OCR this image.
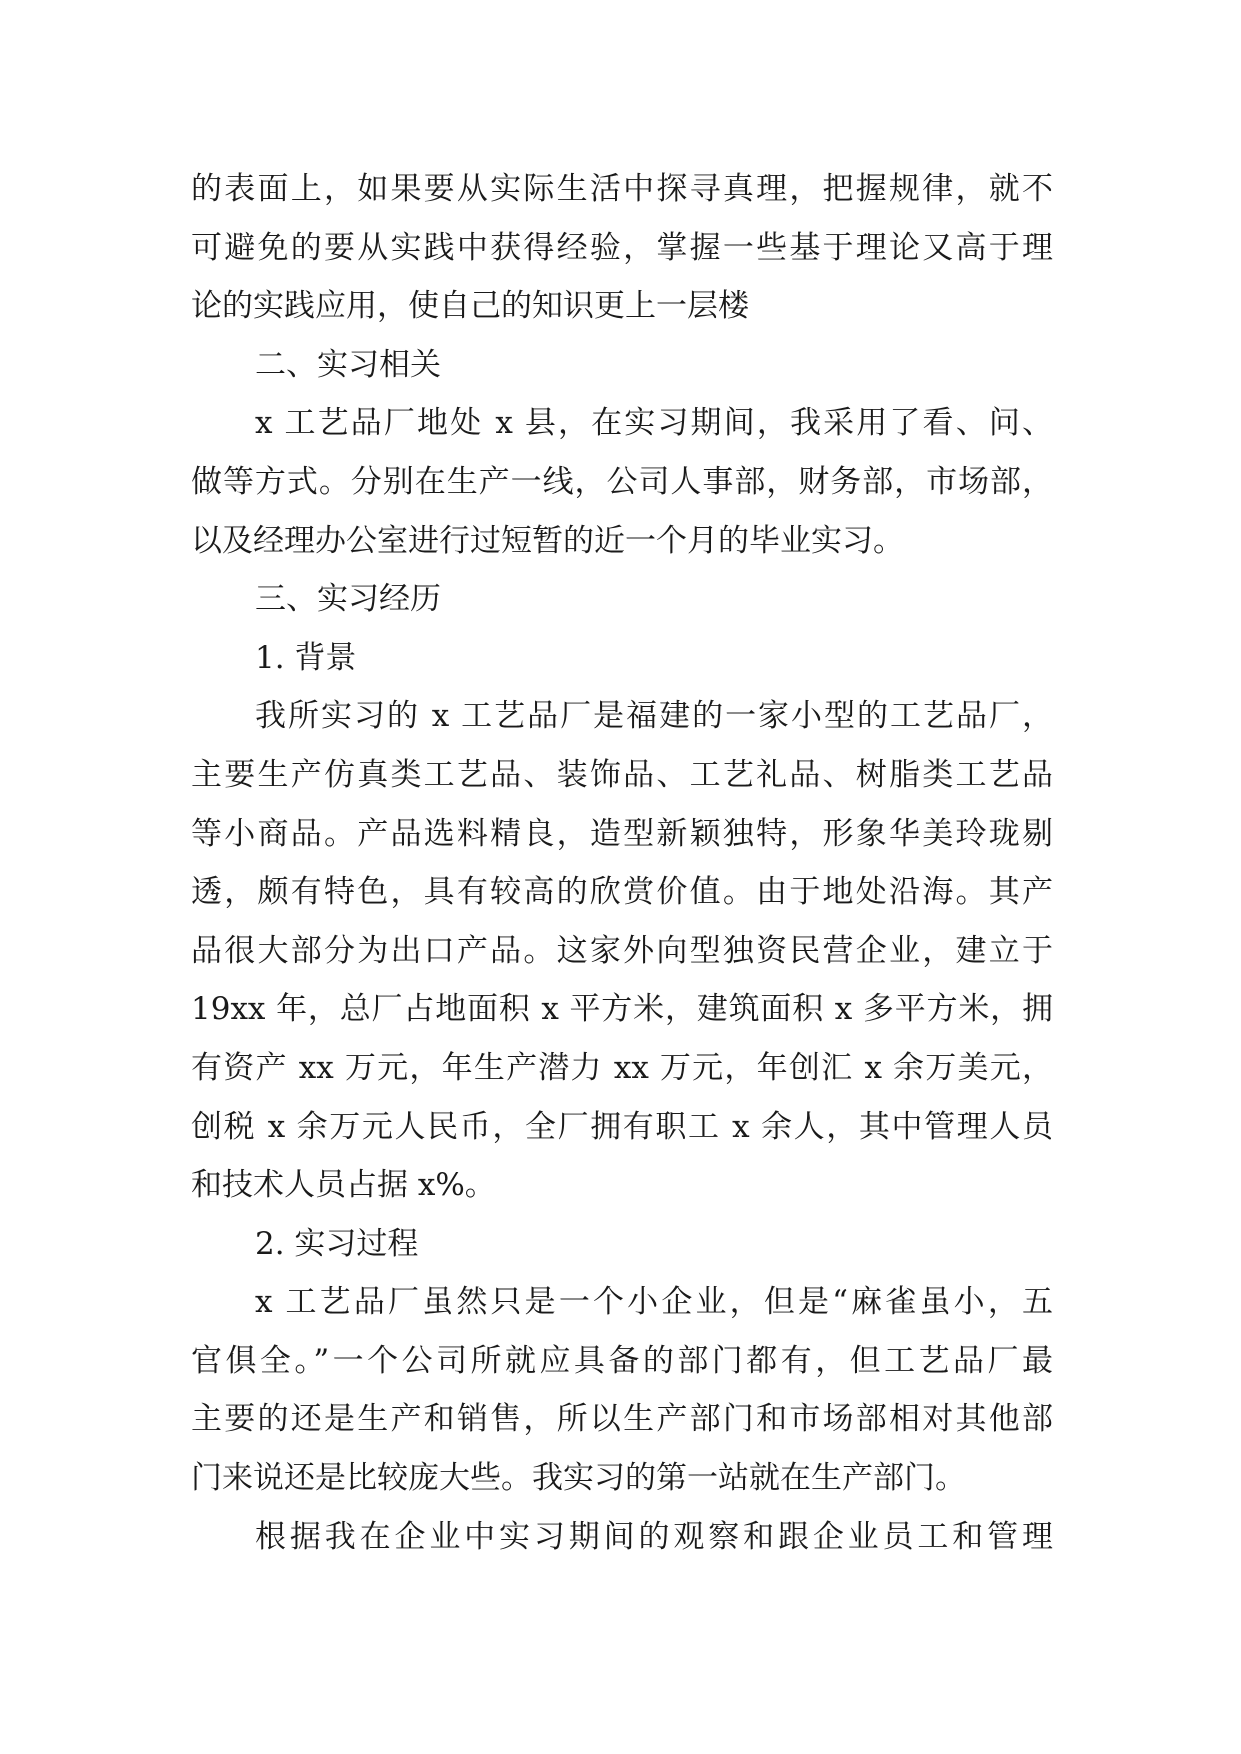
的表面上，如果要从实际生活中探寻真理，把握规律，就不
可避免的要从实践中获得经验，掌握一些基于理论又高于理
论的实践应用，使自己的知识更上一层楼
二、实习相关
x 工艺品厂地处 x 县，在实习期间，我采用了看、问、
做等方式。分别在生产一线，公司人事部，财务部，市场部，
以及经理办公室进行过短暂的近一个月的毕业实习。
三、实习经历
1. 背景
我所实习的 x 工艺品厂是福建的一家小型的工艺品厂，
主要生产仿真类工艺品、装饰品、工艺礼品、树脂类工艺品
等小商品。产品选料精良，造型新颖独特，形象华美玲珑剔
透，颇有特色，具有较高的欣赏价值。由于地处沿海。其产
品很大部分为出口产品。这家外向型独资民营企业，建立于
19xx 年，总厂占地面积 x 平方米，建筑面积 x 多平方米，拥
有资产 xx 万元，年生产潜力 xx 万元，年创汇 x 余万美元，
创税 x 余万元人民币，全厂拥有职工 x 余人，其中管理人员
和技术人员占据 x%。
2. 实习过程
x 工艺品厂虽然只是一个小企业，但是“麻雀虽小，五
官俱全。”一个公司所就应具备的部门都有，但工艺品厂最
主要的还是生产和销售，所以生产部门和市场部相对其他部
门来说还是比较庞大些。我实习的第一站就在生产部门。
根据我在企业中实习期间的观察和跟企业员工和管理
